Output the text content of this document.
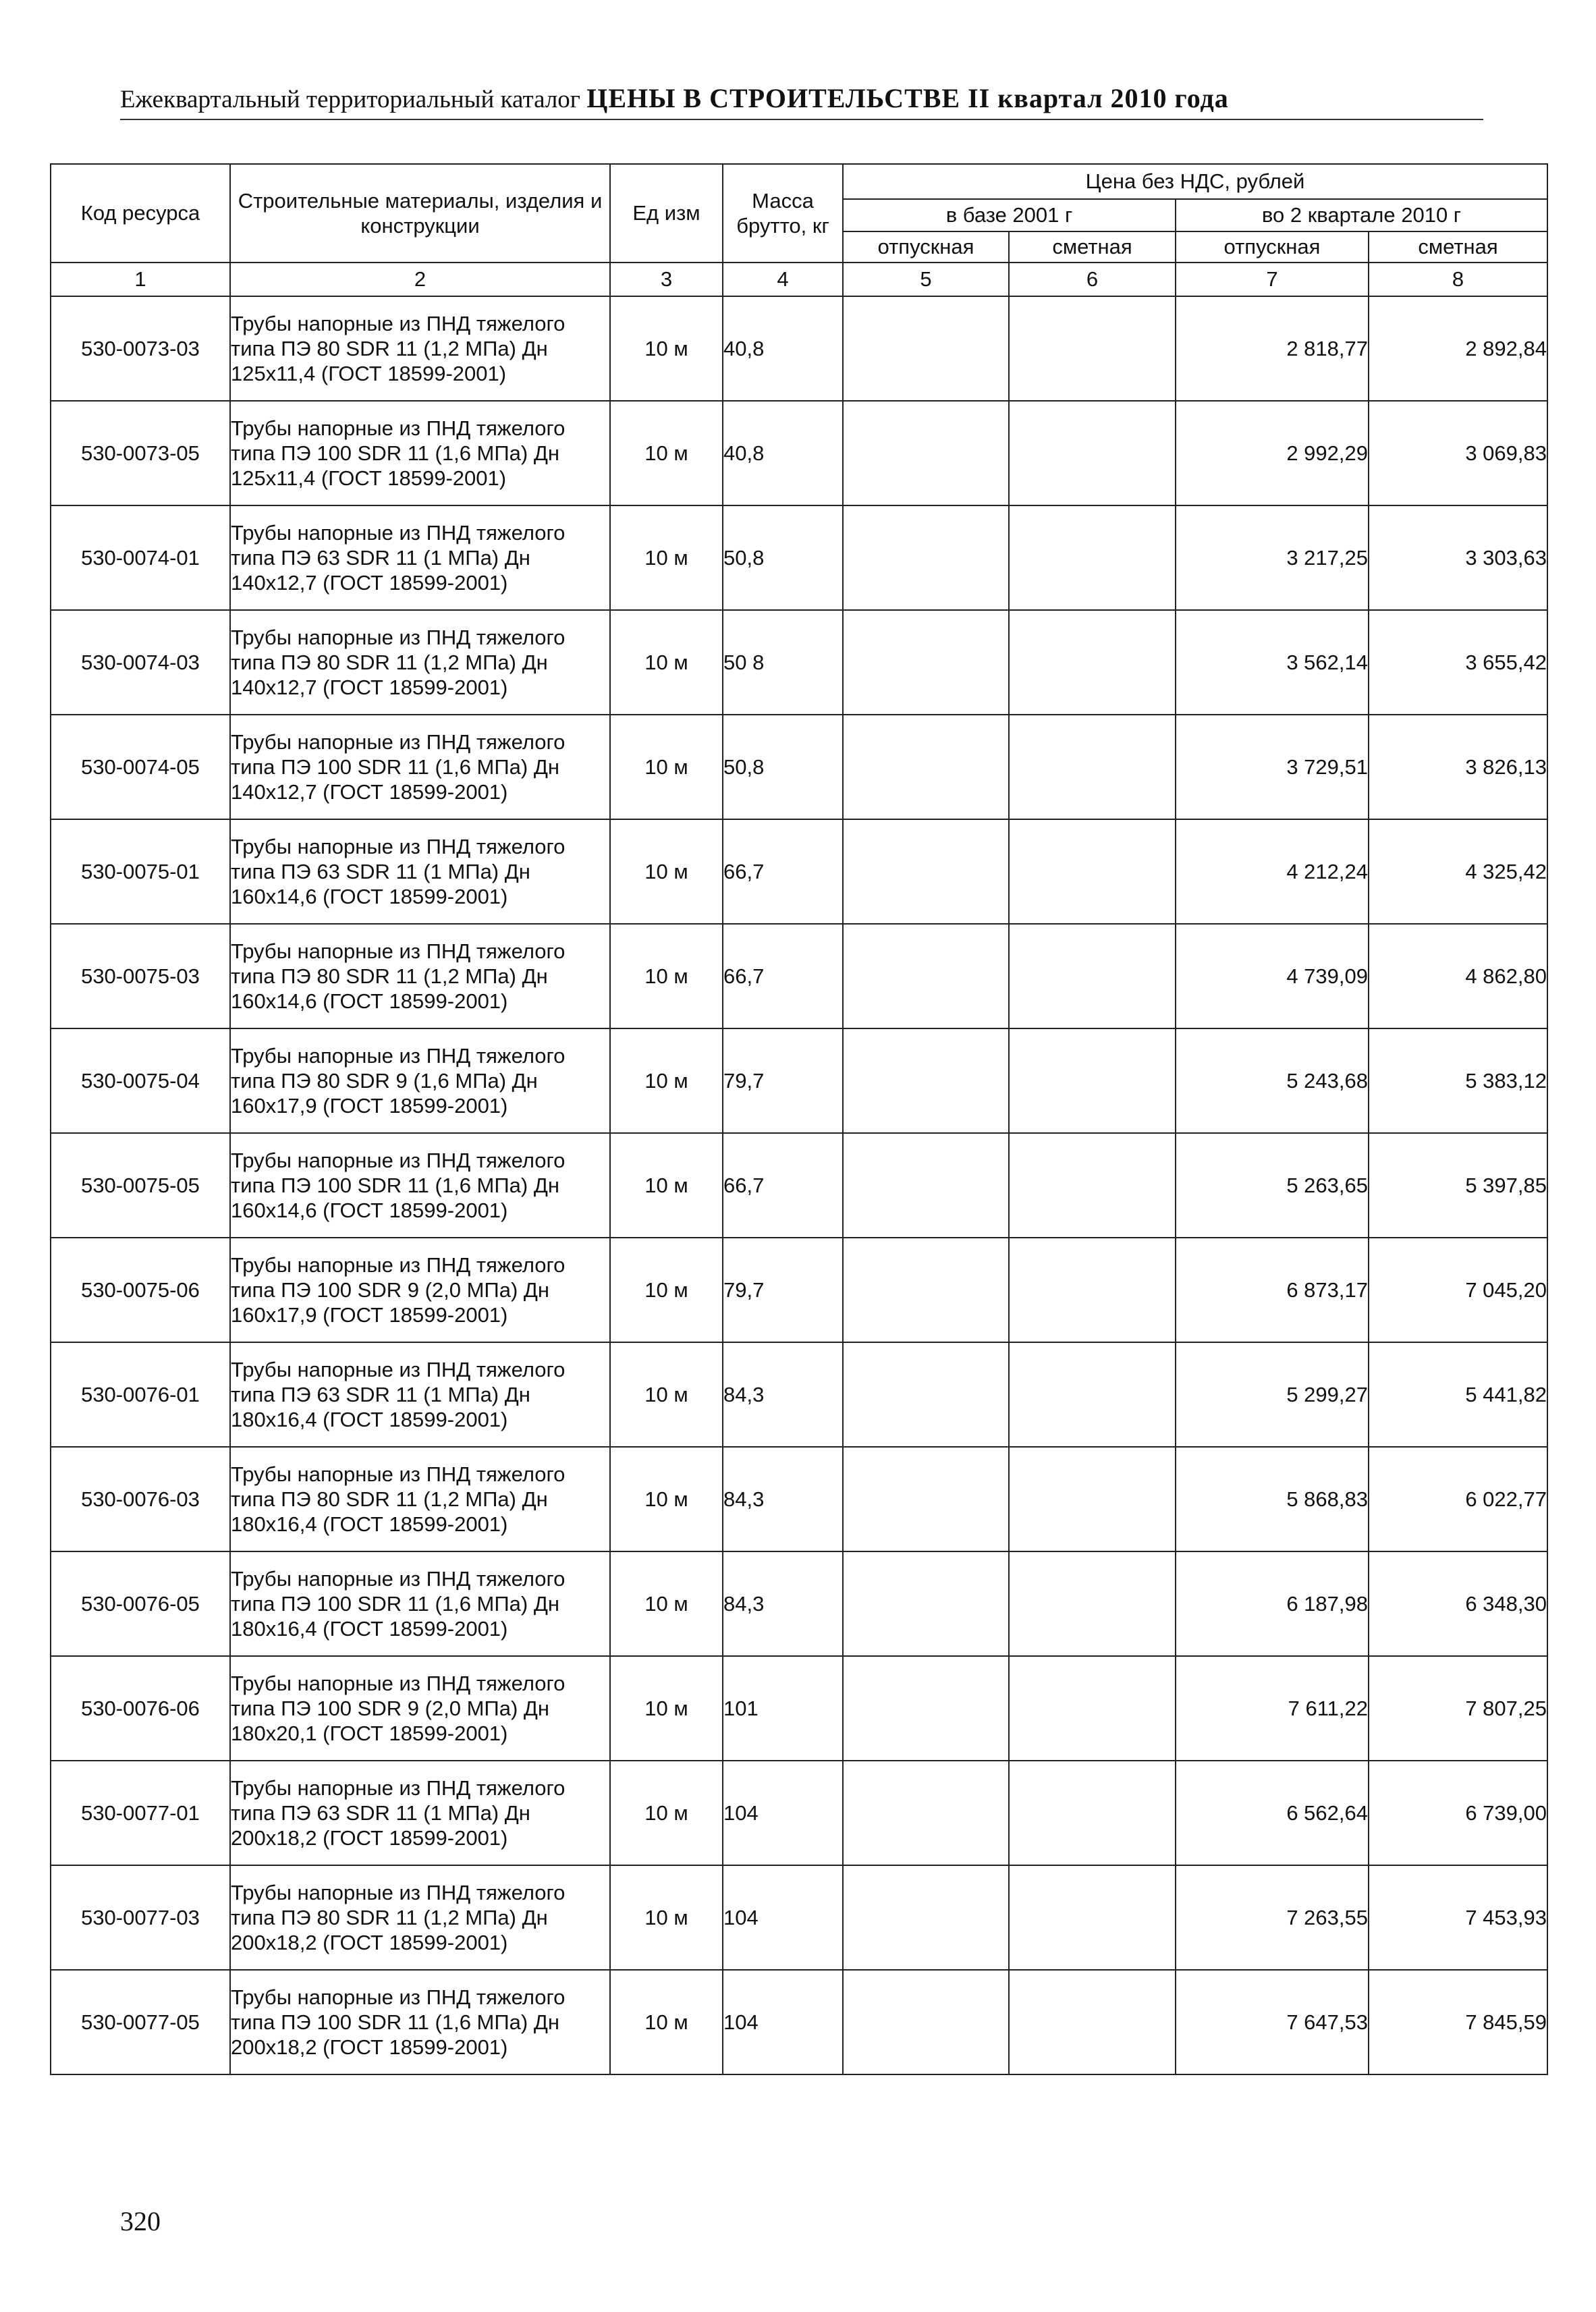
Ежеквартальный территориальный каталог ЦЕНЫ В СТРОИТЕЛЬСТВЕ II квартал 2010 года
Код ресурса	Строительные материалы, изделия и конструкции	Ед изм	Масса брутто, кг	Цена без НДС, рублей			
				в базе 2001 г		во 2 квартале 2010 г	
				отпускная	сметная	отпускная	сметная
1	2	3	4	5	6	7	8
530-0073-03	Трубы напорные из ПНД тяжелого типа ПЭ 80 SDR 11 (1,2 МПа) Дн 125х11,4 (ГОСТ 18599-2001)	10 м	40,8			2 818,77	2 892,84
530-0073-05	Трубы напорные из ПНД тяжелого типа ПЭ 100 SDR 11 (1,6 МПа) Дн 125х11,4 (ГОСТ 18599-2001)	10 м	40,8			2 992,29	3 069,83
530-0074-01	Трубы напорные из ПНД тяжелого типа ПЭ 63 SDR 11 (1 МПа) Дн 140х12,7 (ГОСТ 18599-2001)	10 м	50,8			3 217,25	3 303,63
530-0074-03	Трубы напорные из ПНД тяжелого типа ПЭ 80 SDR 11 (1,2 МПа) Дн 140х12,7 (ГОСТ 18599-2001)	10 м	50 8			3 562,14	3 655,42
530-0074-05	Трубы напорные из ПНД тяжелого типа ПЭ 100 SDR 11 (1,6 МПа) Дн 140х12,7 (ГОСТ 18599-2001)	10 м	50,8			3 729,51	3 826,13
530-0075-01	Трубы напорные из ПНД тяжелого типа ПЭ 63 SDR 11 (1 МПа) Дн 160х14,6 (ГОСТ 18599-2001)	10 м	66,7			4 212,24	4 325,42
530-0075-03	Трубы напорные из ПНД тяжелого типа ПЭ 80 SDR 11 (1,2 МПа) Дн 160х14,6 (ГОСТ 18599-2001)	10 м	66,7			4 739,09	4 862,80
530-0075-04	Трубы напорные из ПНД тяжелого типа ПЭ 80 SDR 9 (1,6 МПа) Дн 160х17,9 (ГОСТ 18599-2001)	10 м	79,7			5 243,68	5 383,12
530-0075-05	Трубы напорные из ПНД тяжелого типа ПЭ 100 SDR 11 (1,6 МПа) Дн 160х14,6 (ГОСТ 18599-2001)	10 м	66,7			5 263,65	5 397,85
530-0075-06	Трубы напорные из ПНД тяжелого типа ПЭ 100 SDR 9 (2,0 МПа) Дн 160х17,9 (ГОСТ 18599-2001)	10 м	79,7			6 873,17	7 045,20
530-0076-01	Трубы напорные из ПНД тяжелого типа ПЭ 63 SDR 11 (1 МПа) Дн 180х16,4 (ГОСТ 18599-2001)	10 м	84,3			5 299,27	5 441,82
530-0076-03	Трубы напорные из ПНД тяжелого типа ПЭ 80 SDR 11 (1,2 МПа) Дн 180х16,4 (ГОСТ 18599-2001)	10 м	84,3			5 868,83	6 022,77
530-0076-05	Трубы напорные из ПНД тяжелого типа ПЭ 100 SDR 11 (1,6 МПа) Дн 180х16,4 (ГОСТ 18599-2001)	10 м	84,3			6 187,98	6 348,30
530-0076-06	Трубы напорные из ПНД тяжелого типа ПЭ 100 SDR 9 (2,0 МПа) Дн 180х20,1 (ГОСТ 18599-2001)	10 м	101			7 611,22	7 807,25
530-0077-01	Трубы напорные из ПНД тяжелого типа ПЭ 63 SDR 11 (1 МПа) Дн 200х18,2 (ГОСТ 18599-2001)	10 м	104			6 562,64	6 739,00
530-0077-03	Трубы напорные из ПНД тяжелого типа ПЭ 80 SDR 11 (1,2 МПа) Дн 200х18,2 (ГОСТ 18599-2001)	10 м	104			7 263,55	7 453,93
530-0077-05	Трубы напорные из ПНД тяжелого типа ПЭ 100 SDR 11 (1,6 МПа) Дн 200х18,2 (ГОСТ 18599-2001)	10 м	104			7 647,53	7 845,59
320
